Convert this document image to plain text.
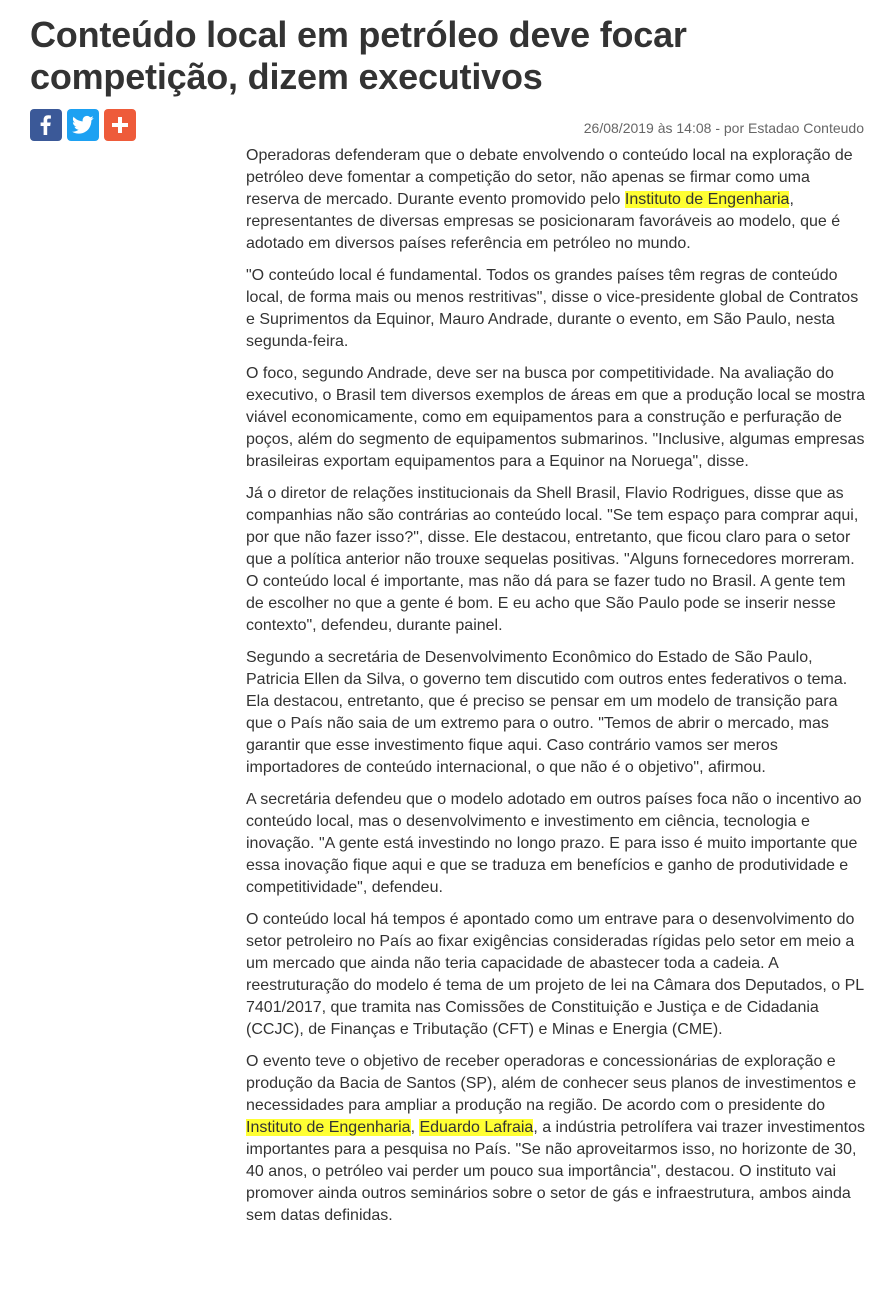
Conteúdo local em petróleo deve focar competição, dizem executivos
26/08/2019 às 14:08 - por Estadao Conteudo

Operadoras defenderam que o debate envolvendo o conteúdo local na exploração de petróleo deve fomentar a competição do setor, não apenas se firmar como uma reserva de mercado. Durante evento promovido pelo Instituto de Engenharia, representantes de diversas empresas se posicionaram favoráveis ao modelo, que é adotado em diversos países referência em petróleo no mundo.

"O conteúdo local é fundamental. Todos os grandes países têm regras de conteúdo local, de forma mais ou menos restritivas", disse o vice-presidente global de Contratos e Suprimentos da Equinor, Mauro Andrade, durante o evento, em São Paulo, nesta segunda-feira.

O foco, segundo Andrade, deve ser na busca por competitividade. Na avaliação do executivo, o Brasil tem diversos exemplos de áreas em que a produção local se mostra viável economicamente, como em equipamentos para a construção e perfuração de poços, além do segmento de equipamentos submarinos. "Inclusive, algumas empresas brasileiras exportam equipamentos para a Equinor na Noruega", disse.

Já o diretor de relações institucionais da Shell Brasil, Flavio Rodrigues, disse que as companhias não são contrárias ao conteúdo local. "Se tem espaço para comprar aqui, por que não fazer isso?", disse. Ele destacou, entretanto, que ficou claro para o setor que a política anterior não trouxe sequelas positivas. "Alguns fornecedores morreram. O conteúdo local é importante, mas não dá para se fazer tudo no Brasil. A gente tem de escolher no que a gente é bom. E eu acho que São Paulo pode se inserir nesse contexto", defendeu, durante painel.

Segundo a secretária de Desenvolvimento Econômico do Estado de São Paulo, Patricia Ellen da Silva, o governo tem discutido com outros entes federativos o tema. Ela destacou, entretanto, que é preciso se pensar em um modelo de transição para que o País não saia de um extremo para o outro. "Temos de abrir o mercado, mas garantir que esse investimento fique aqui. Caso contrário vamos ser meros importadores de conteúdo internacional, o que não é o objetivo", afirmou.

A secretária defendeu que o modelo adotado em outros países foca não o incentivo ao conteúdo local, mas o desenvolvimento e investimento em ciência, tecnologia e inovação. "A gente está investindo no longo prazo. E para isso é muito importante que essa inovação fique aqui e que se traduza em benefícios e ganho de produtividade e competitividade", defendeu.

O conteúdo local há tempos é apontado como um entrave para o desenvolvimento do setor petroleiro no País ao fixar exigências consideradas rígidas pelo setor em meio a um mercado que ainda não teria capacidade de abastecer toda a cadeia. A reestruturação do modelo é tema de um projeto de lei na Câmara dos Deputados, o PL 7401/2017, que tramita nas Comissões de Constituição e Justiça e de Cidadania (CCJC), de Finanças e Tributação (CFT) e Minas e Energia (CME).

O evento teve o objetivo de receber operadoras e concessionárias de exploração e produção da Bacia de Santos (SP), além de conhecer seus planos de investimentos e necessidades para ampliar a produção na região. De acordo com o presidente do Instituto de Engenharia, Eduardo Lafraia, a indústria petrolífera vai trazer investimentos importantes para a pesquisa no País. "Se não aproveitarmos isso, no horizonte de 30, 40 anos, o petróleo vai perder um pouco sua importância", destacou. O instituto vai promover ainda outros seminários sobre o setor de gás e infraestrutura, ambos ainda sem datas definidas.
